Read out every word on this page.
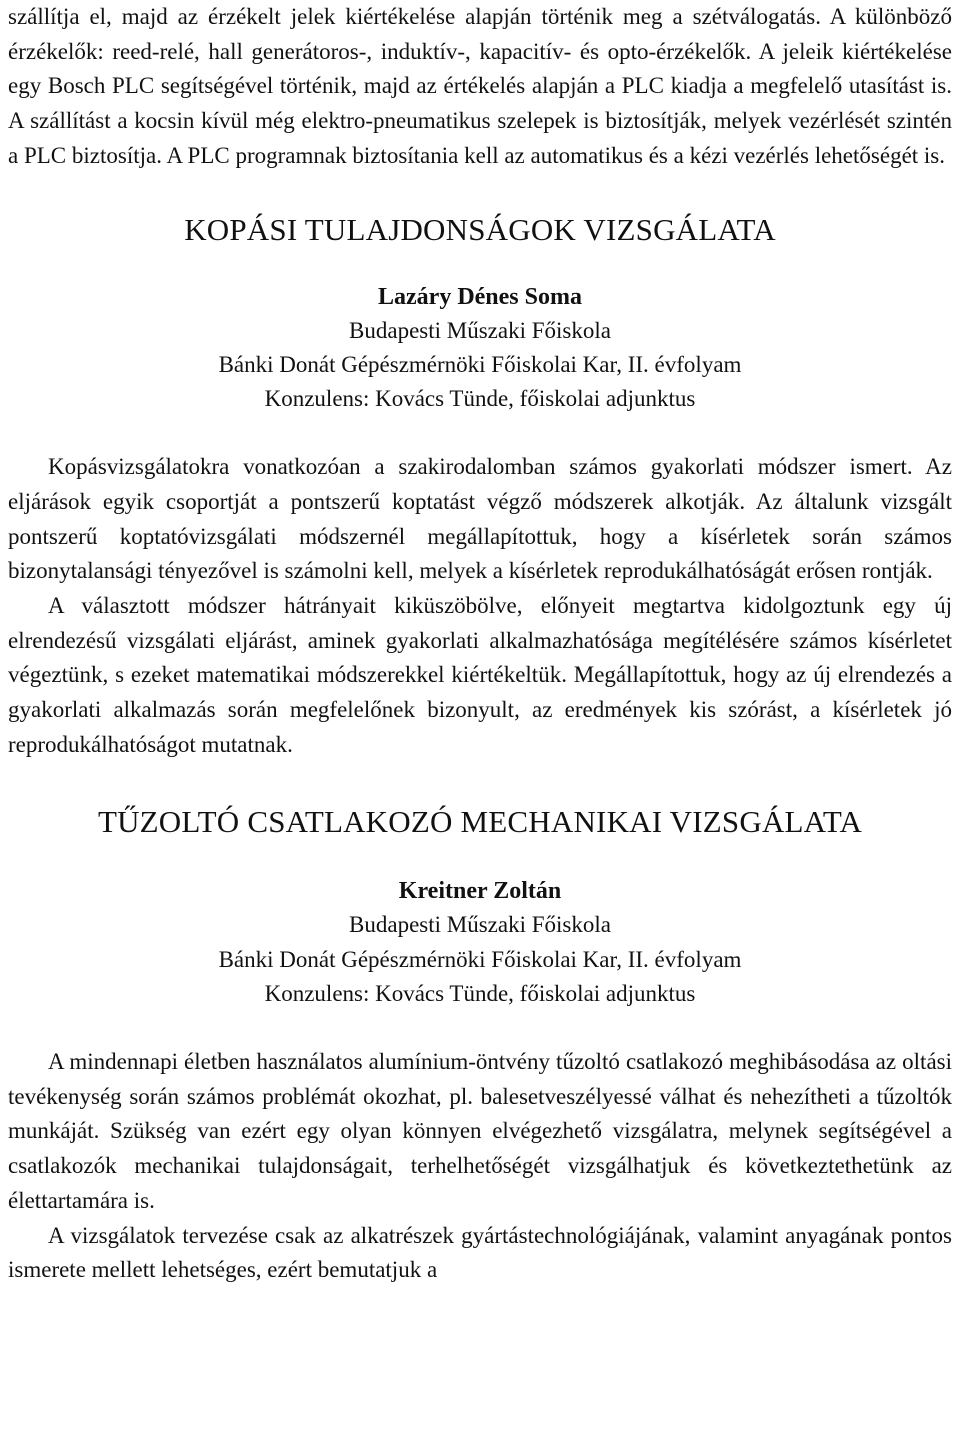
szállítja el, majd az érzékelt jelek kiértékelése alapján történik meg a szétválogatás. A különböző érzékelők: reed-relé, hall generátoros-, induktív-, kapacitív- és opto-érzékelők. A jeleik kiértékelése egy Bosch PLC segítségével történik, majd az értékelés alapján a PLC kiadja a megfelelő utasítást is. A szállítást a kocsin kívül még elektro-pneumatikus szelepek is biztosítják, melyek vezérlését szintén a PLC biztosítja. A PLC programnak biztosítania kell az automatikus és a kézi vezérlés lehetőségét is.

KOPÁSI TULAJDONSÁGOK VIZSGÁLATA

Lazáry Dénes Soma

Budapesti Műszaki Főiskola

Bánki Donát Gépészmérnöki Főiskolai Kar, II. évfolyam

Konzulens: Kovács Tünde, főiskolai adjunktus

Kopásvizsgálatokra vonatkozóan a szakirodalomban számos gyakorlati módszer ismert. Az eljárások egyik csoportját a pontszerű koptatást végző módszerek alkotják. Az általunk vizsgált pontszerű koptatóvizsgálati módszernél megállapítottuk, hogy a kísérletek során számos bizonytalansági tényezővel is számolni kell, melyek a kísérletek reprodukálhatóságát erősen rontják.

A választott módszer hátrányait kiküszöbölve, előnyeit megtartva kidolgoztunk egy új elrendezésű vizsgálati eljárást, aminek gyakorlati alkalmazhatósága megítélésére számos kísérletet végeztünk, s ezeket matematikai módszerekkel kiértékeltük. Megállapítottuk, hogy az új elrendezés a gyakorlati alkalmazás során megfelelőnek bizonyult, az eredmények kis szórást, a kísérletek jó reprodukálhatóságot mutatnak.

TŰZOLTÓ CSATLAKOZÓ MECHANIKAI VIZSGÁLATA

Kreitner Zoltán

Budapesti Műszaki Főiskola

Bánki Donát Gépészmérnöki Főiskolai Kar, II. évfolyam

Konzulens: Kovács Tünde, főiskolai adjunktus

A mindennapi életben használatos alumínium-öntvény tűzoltó csatlakozó meghibásodása az oltási tevékenység során számos problémát okozhat, pl. balesetveszélyessé válhat és nehezítheti a tűzoltók munkáját. Szükség van ezért egy olyan könnyen elvégezhető vizsgálatra, melynek segítségével a csatlakozók mechanikai tulajdonságait, terhelhetőségét vizsgálhatjuk és következtethetünk az élettartamára is.

A vizsgálatok tervezése csak az alkatrészek gyártástechnológiájának, valamint anyagának pontos ismerete mellett lehetséges, ezért bemutatjuk a
